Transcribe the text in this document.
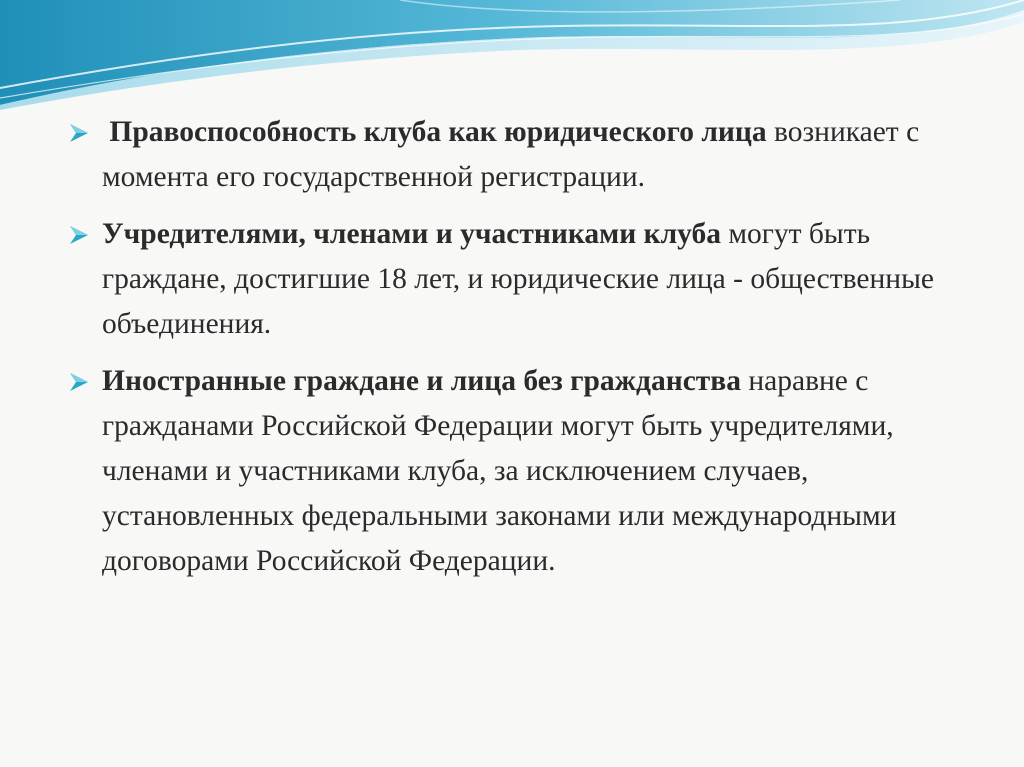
Правоспособность клуба как юридического лица возникает с момента его государственной регистрации.
Учредителями, членами и участниками клуба могут быть граждане, достигшие 18 лет, и юридические лица - общественные объединения.
Иностранные граждане и лица без гражданства наравне с гражданами Российской Федерации могут быть учредителями, членами и участниками клуба, за исключением случаев, установленных федеральными законами или международными договорами Российской Федерации.
